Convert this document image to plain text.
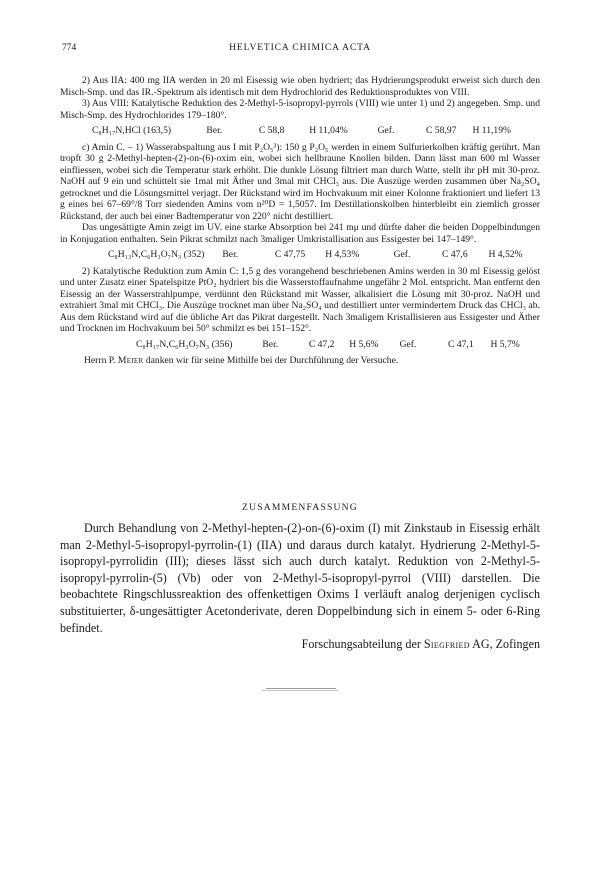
774	HELVETICA CHIMICA ACTA

2) Aus IIA: 400 mg IIA werden in 20 ml Eisessig wie oben hydriert; das Hydrierungsprodukt erweist sich durch den Misch-Smp. und das IR.-Spektrum als identisch mit dem Hydrochlorid des Reduktionsproduktes von VIII.

3) Aus VIII: Katalytische Reduktion des 2-Methyl-5-isopropyl-pyrrols (VIII) wie unter 1) und 2) angegeben. Smp. und Misch-Smp. des Hydrochlorides 179–180°.

C₈H₁₇N,HCl (163,5)	Ber.	C 58,8	H 11,04%	Gef.	C 58,97 H 11,19%

c) Amin C. – 1) Wasserabspaltung aus I mit P₂O₅³): 150 g P₂O₅ werden in einem Sulfurierkolben kräftig gerührt. Man tropft 30 g 2-Methyl-hepten-(2)-on-(6)-oxim ein, wobei sich hellbraune Knollen bilden. Dann lässt man 600 ml Wasser einfliessen, wobei sich die Temperatur stark erhöht. Die dunkle Lösung filtriert man durch Watte, stellt ihr pH mit 30-proz. NaOH auf 9 ein und schüttelt sie 1mal mit Äther und 3mal mit CHCl₃ aus. Die Auszüge werden zusammen über Na₂SO₄ getrocknet und die Lösungsmittel verjagt. Der Rückstand wird im Hochvakuum mit einer Kolonne fraktioniert und liefert 13 g eines bei 67–69°/8 Torr siedenden Amins vom n²⁰D = 1,5057. Im Destillationskolben hinterbleibt ein ziemlich grosser Rückstand, der auch bei einer Badtemperatur von 220° nicht destilliert.

Das ungesättigte Amin zeigt im UV. eine starke Absorption bei 241 mμ und dürfte daher die beiden Doppelbindungen in Konjugation enthalten. Sein Pikrat schmilzt nach 3maliger Umkristallisation aus Essigester bei 147–149°.

C₈H₁₃N,C₆H₃O₇N₃ (352) Ber.	C 47,75 H 4,53%	Gef.	C 47,6 H 4,52%

2) Katalytische Reduktion zum Amin C: 1,5 g des vorangehend beschriebenen Amins werden in 30 ml Eisessig gelöst und unter Zusatz einer Spatelspitze PtO₂ hydriert bis die Wasserstoffaufnahme ungefähr 2 Mol. entspricht. Man entfernt den Eisessig an der Wasserstrahlpumpe, verdünnt den Rückstand mit Wasser, alkalisiert die Lösung mit 30-proz. NaOH und extrahiert 3mal mit CHCl₃. Die Auszüge trocknet man über Na₂SO₄ und destilliert unter vermindertem Druck das CHCl₃ ab. Aus dem Rückstand wird auf die übliche Art das Pikrat dargestellt. Nach 3maligem Kristallisieren aus Essigester und Äther und Trocknen im Hochvakuum bei 50° schmilzt es bei 151–152°.

C₈H₁₇N,C₆H₃O₇N₃ (356)	Ber.	C 47,2 H 5,6% Gef.	C 47,1 H 5,7%

Herrn P. Meier danken wir für seine Mithilfe bei der Durchführung der Versuche.

ZUSAMMENFASSUNG

Durch Behandlung von 2-Methyl-hepten-(2)-on-(6)-oxim (I) mit Zinkstaub in Eisessig erhält man 2-Methyl-5-isopropyl-pyrrolin-(1) (IIA) und daraus durch katalyt. Hydrierung 2-Methyl-5-isopropyl-pyrrolidin (III); dieses lässt sich auch durch katalyt. Reduktion von 2-Methyl-5-isopropyl-pyrrolin-(5) (Vb) oder von 2-Methyl-5-isopropyl-pyrrol (VIII) darstellen. Die beobachtete Ringschlussreaktion des offenkettigen Oxims I verläuft analog derjenigen cyclisch substituierter, δ-ungesättigter Acetonderivate, deren Doppelbindung sich in einem 5- oder 6-Ring befindet.

Forschungsabteilung der Siegfried AG, Zofingen
